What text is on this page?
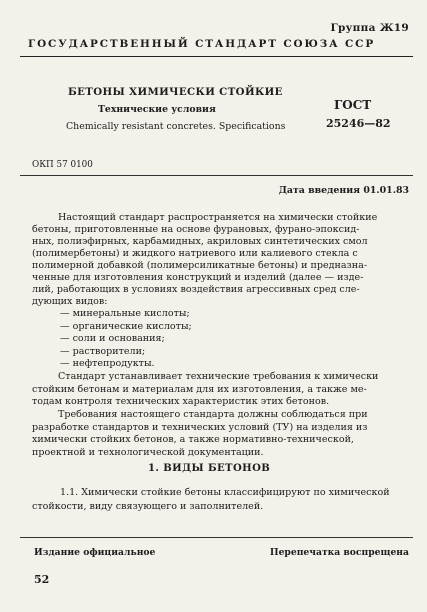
Группа Ж19
ГОСУДАРСТВЕННЫЙ СТАНДАРТ СОЮЗА ССР
БЕТОНЫ ХИМИЧЕСКИ СТОЙКИЕ
Технические условия
Chemically resistant concretes. Specifications
ГОСТ
25246—82
ОКП 57 0100
Дата введения 01.01.83
Настоящий стандарт распространяется на химически стойкие
бетоны, приготовленные на основе фурановых, фурано-эпоксид-
ных, полиэфирных, карбамидных, акриловых синтетических смол
(полимербетоны) и жидкого натриевого или калиевого стекла с
полимерной добавкой (полимерсиликатные бетоны) и предназна-
ченные для изготовления конструкций и изделий (далее — изде-
лий, работающих в условиях воздействия агрессивных сред сле-
дующих видов:
— минеральные кислоты;
— органические кислоты;
— соли и основания;
— растворители;
— нефтепродукты.
Стандарт устанавливает технические требования к химически
стойким бетонам и материалам для их изготовления, а также ме-
тодам контроля технических характеристик этих бетонов.
Требования настоящего стандарта должны соблюдаться при
разработке стандартов и технических условий (ТУ) на изделия из
1. ВИДЫ БЕТОНОВ
1.1. Химически стойкие бетоны классифицируют по химической
стойкости, виду связующего и заполнителей.
Издание официальное	Перепечатка воспрещена
52
химически стойких бетонов, а также нормативно-технической,
проектной и технологической документации.
